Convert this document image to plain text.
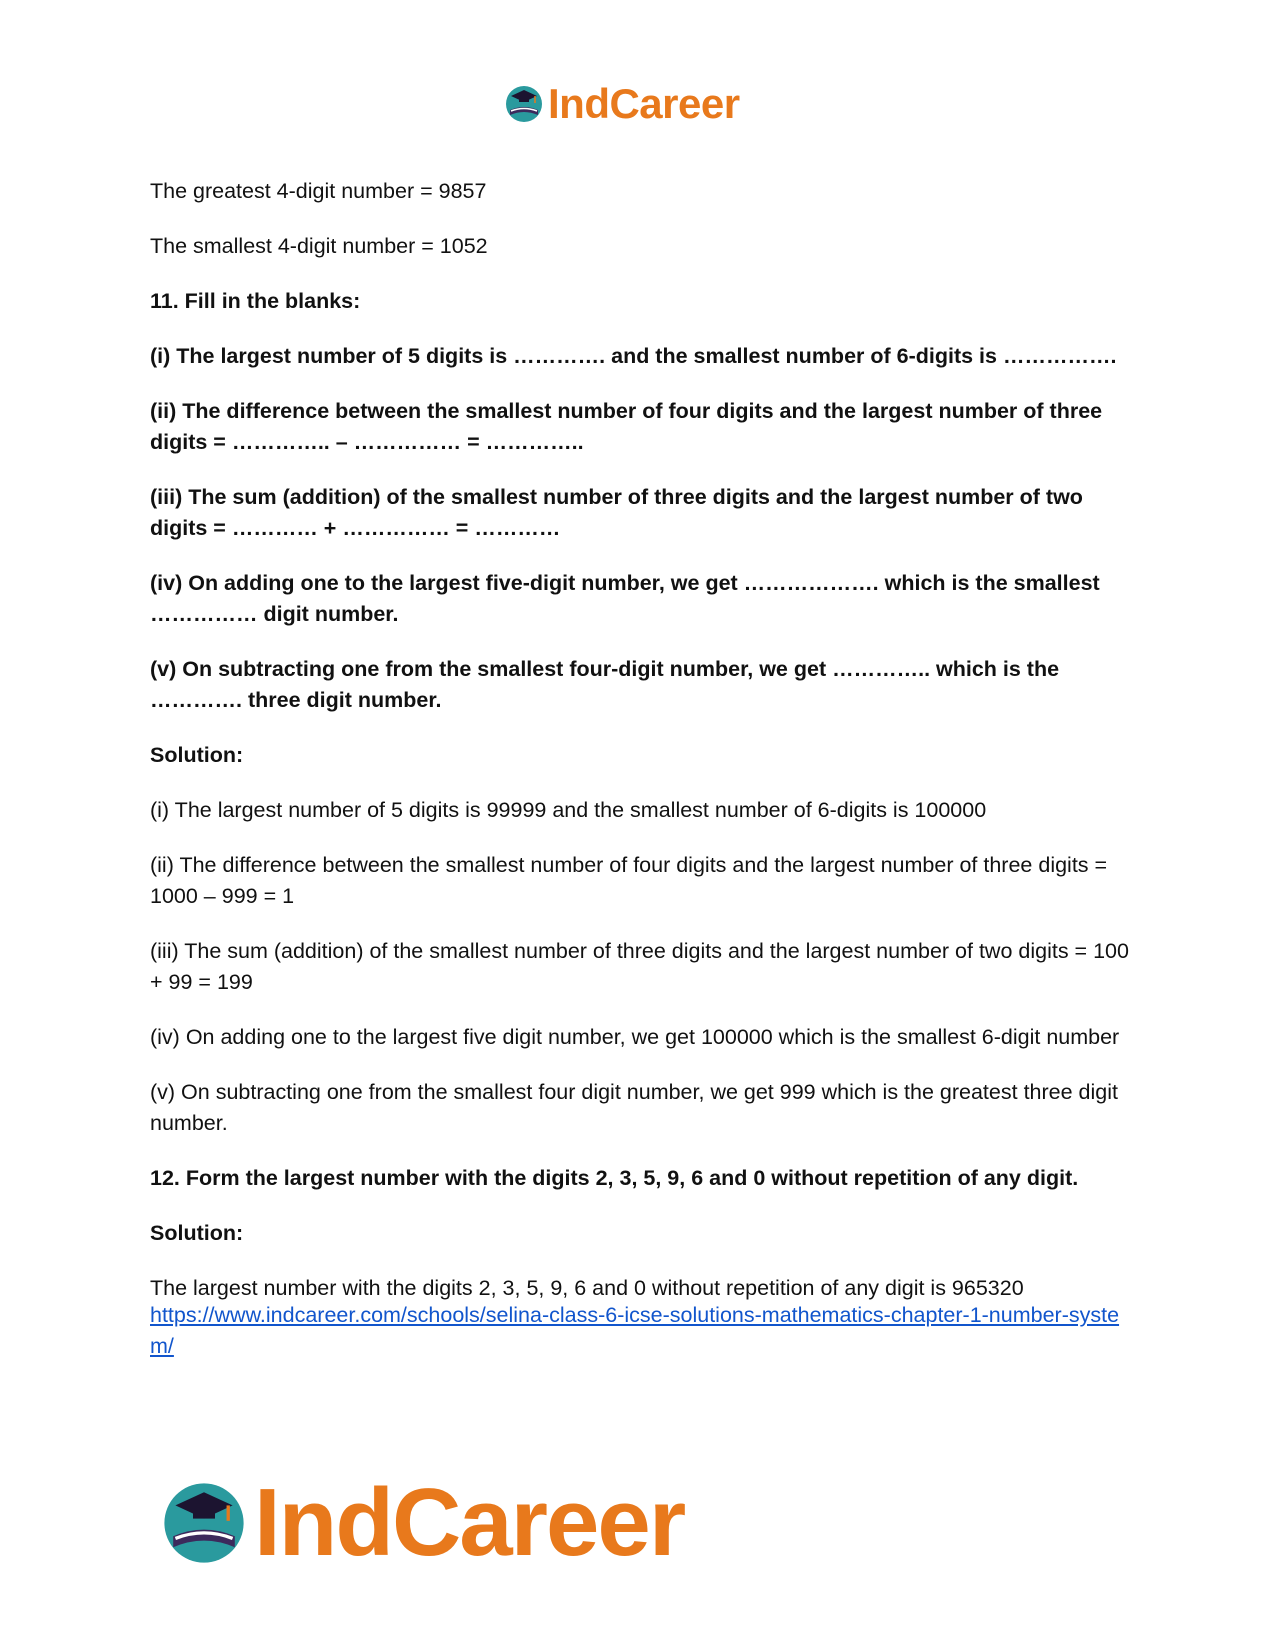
IndCareer

The greatest 4-digit number = 9857

The smallest 4-digit number = 1052

11. Fill in the blanks:

(i) The largest number of 5 digits is …………. and the smallest number of 6-digits is …………….

(ii) The difference between the smallest number of four digits and the largest number of three digits = ………….. – …………… = …………..

(iii) The sum (addition) of the smallest number of three digits and the largest number of two digits = ………… + …………… = …………

(iv) On adding one to the largest five-digit number, we get ………………. which is the smallest …………… digit number.

(v) On subtracting one from the smallest four-digit number, we get ………….. which is the …………. three digit number.

Solution:

(i) The largest number of 5 digits is 99999 and the smallest number of 6-digits is 100000

(ii) The difference between the smallest number of four digits and the largest number of three digits = 1000 – 999 = 1

(iii) The sum (addition) of the smallest number of three digits and the largest number of two digits = 100 + 99 = 199

(iv) On adding one to the largest five digit number, we get 100000 which is the smallest 6-digit number

(v) On subtracting one from the smallest four digit number, we get 999 which is the greatest three digit number.

12. Form the largest number with the digits 2, 3, 5, 9, 6 and 0 without repetition of any digit.

Solution:

The largest number with the digits 2, 3, 5, 9, 6 and 0 without repetition of any digit is 965320

https://www.indcareer.com/schools/selina-class-6-icse-solutions-mathematics-chapter-1-number-system/
IndCareer
